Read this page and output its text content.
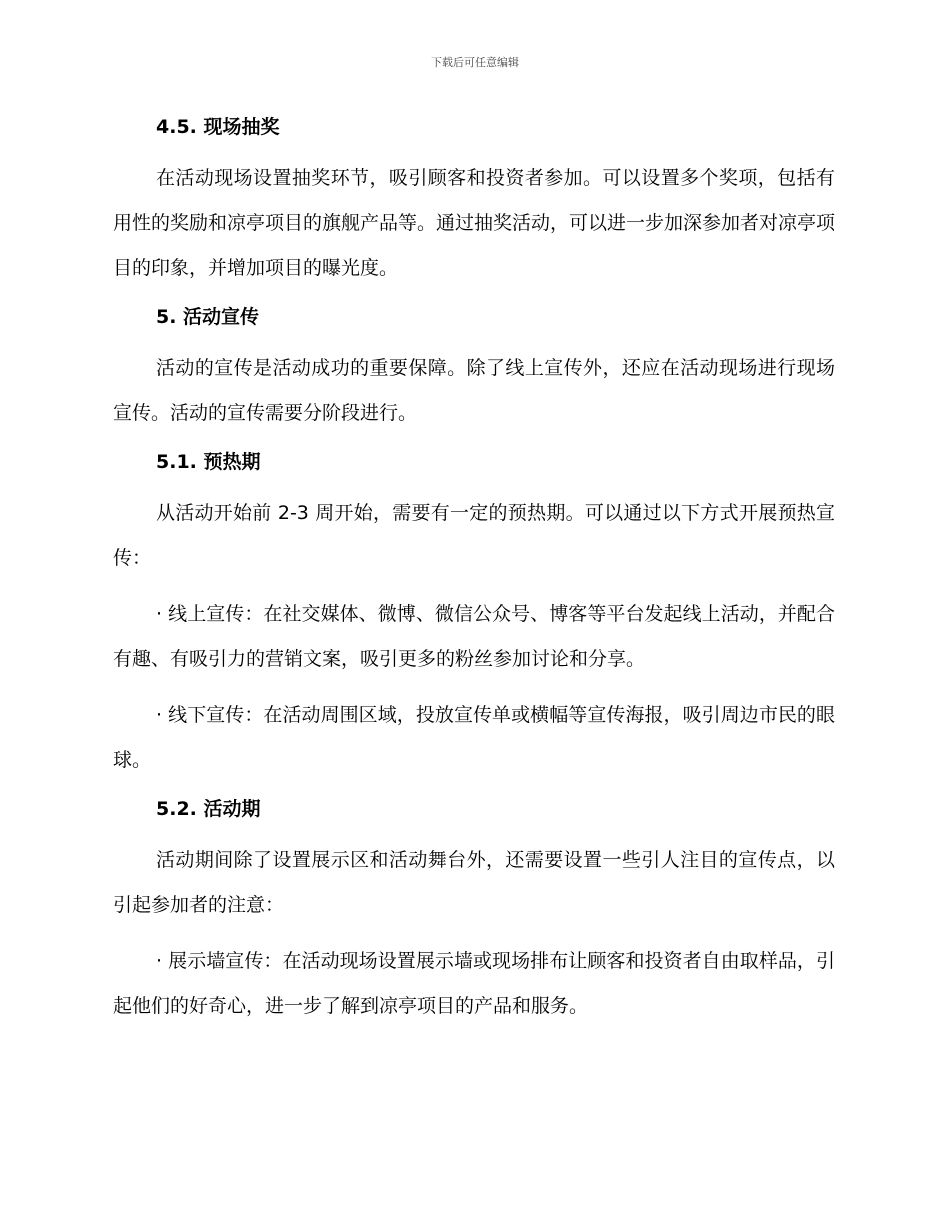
下载后可任意编辑
4.5. 现场抽奖
在活动现场设置抽奖环节，吸引顾客和投资者参加。可以设置多个奖项，包括有用性的奖励和凉亭项目的旗舰产品等。通过抽奖活动，可以进一步加深参加者对凉亭项目的印象，并增加项目的曝光度。
5. 活动宣传
活动的宣传是活动成功的重要保障。除了线上宣传外，还应在活动现场进行现场宣传。活动的宣传需要分阶段进行。
5.1. 预热期
从活动开始前 2-3 周开始，需要有一定的预热期。可以通过以下方式开展预热宣传：
· 线上宣传：在社交媒体、微博、微信公众号、博客等平台发起线上活动，并配合有趣、有吸引力的营销文案，吸引更多的粉丝参加讨论和分享。
· 线下宣传：在活动周围区域，投放宣传单或横幅等宣传海报，吸引周边市民的眼球。
5.2. 活动期
活动期间除了设置展示区和活动舞台外，还需要设置一些引人注目的宣传点，以引起参加者的注意：
· 展示墙宣传：在活动现场设置展示墙或现场排布让顾客和投资者自由取样品，引起他们的好奇心，进一步了解到凉亭项目的产品和服务。
